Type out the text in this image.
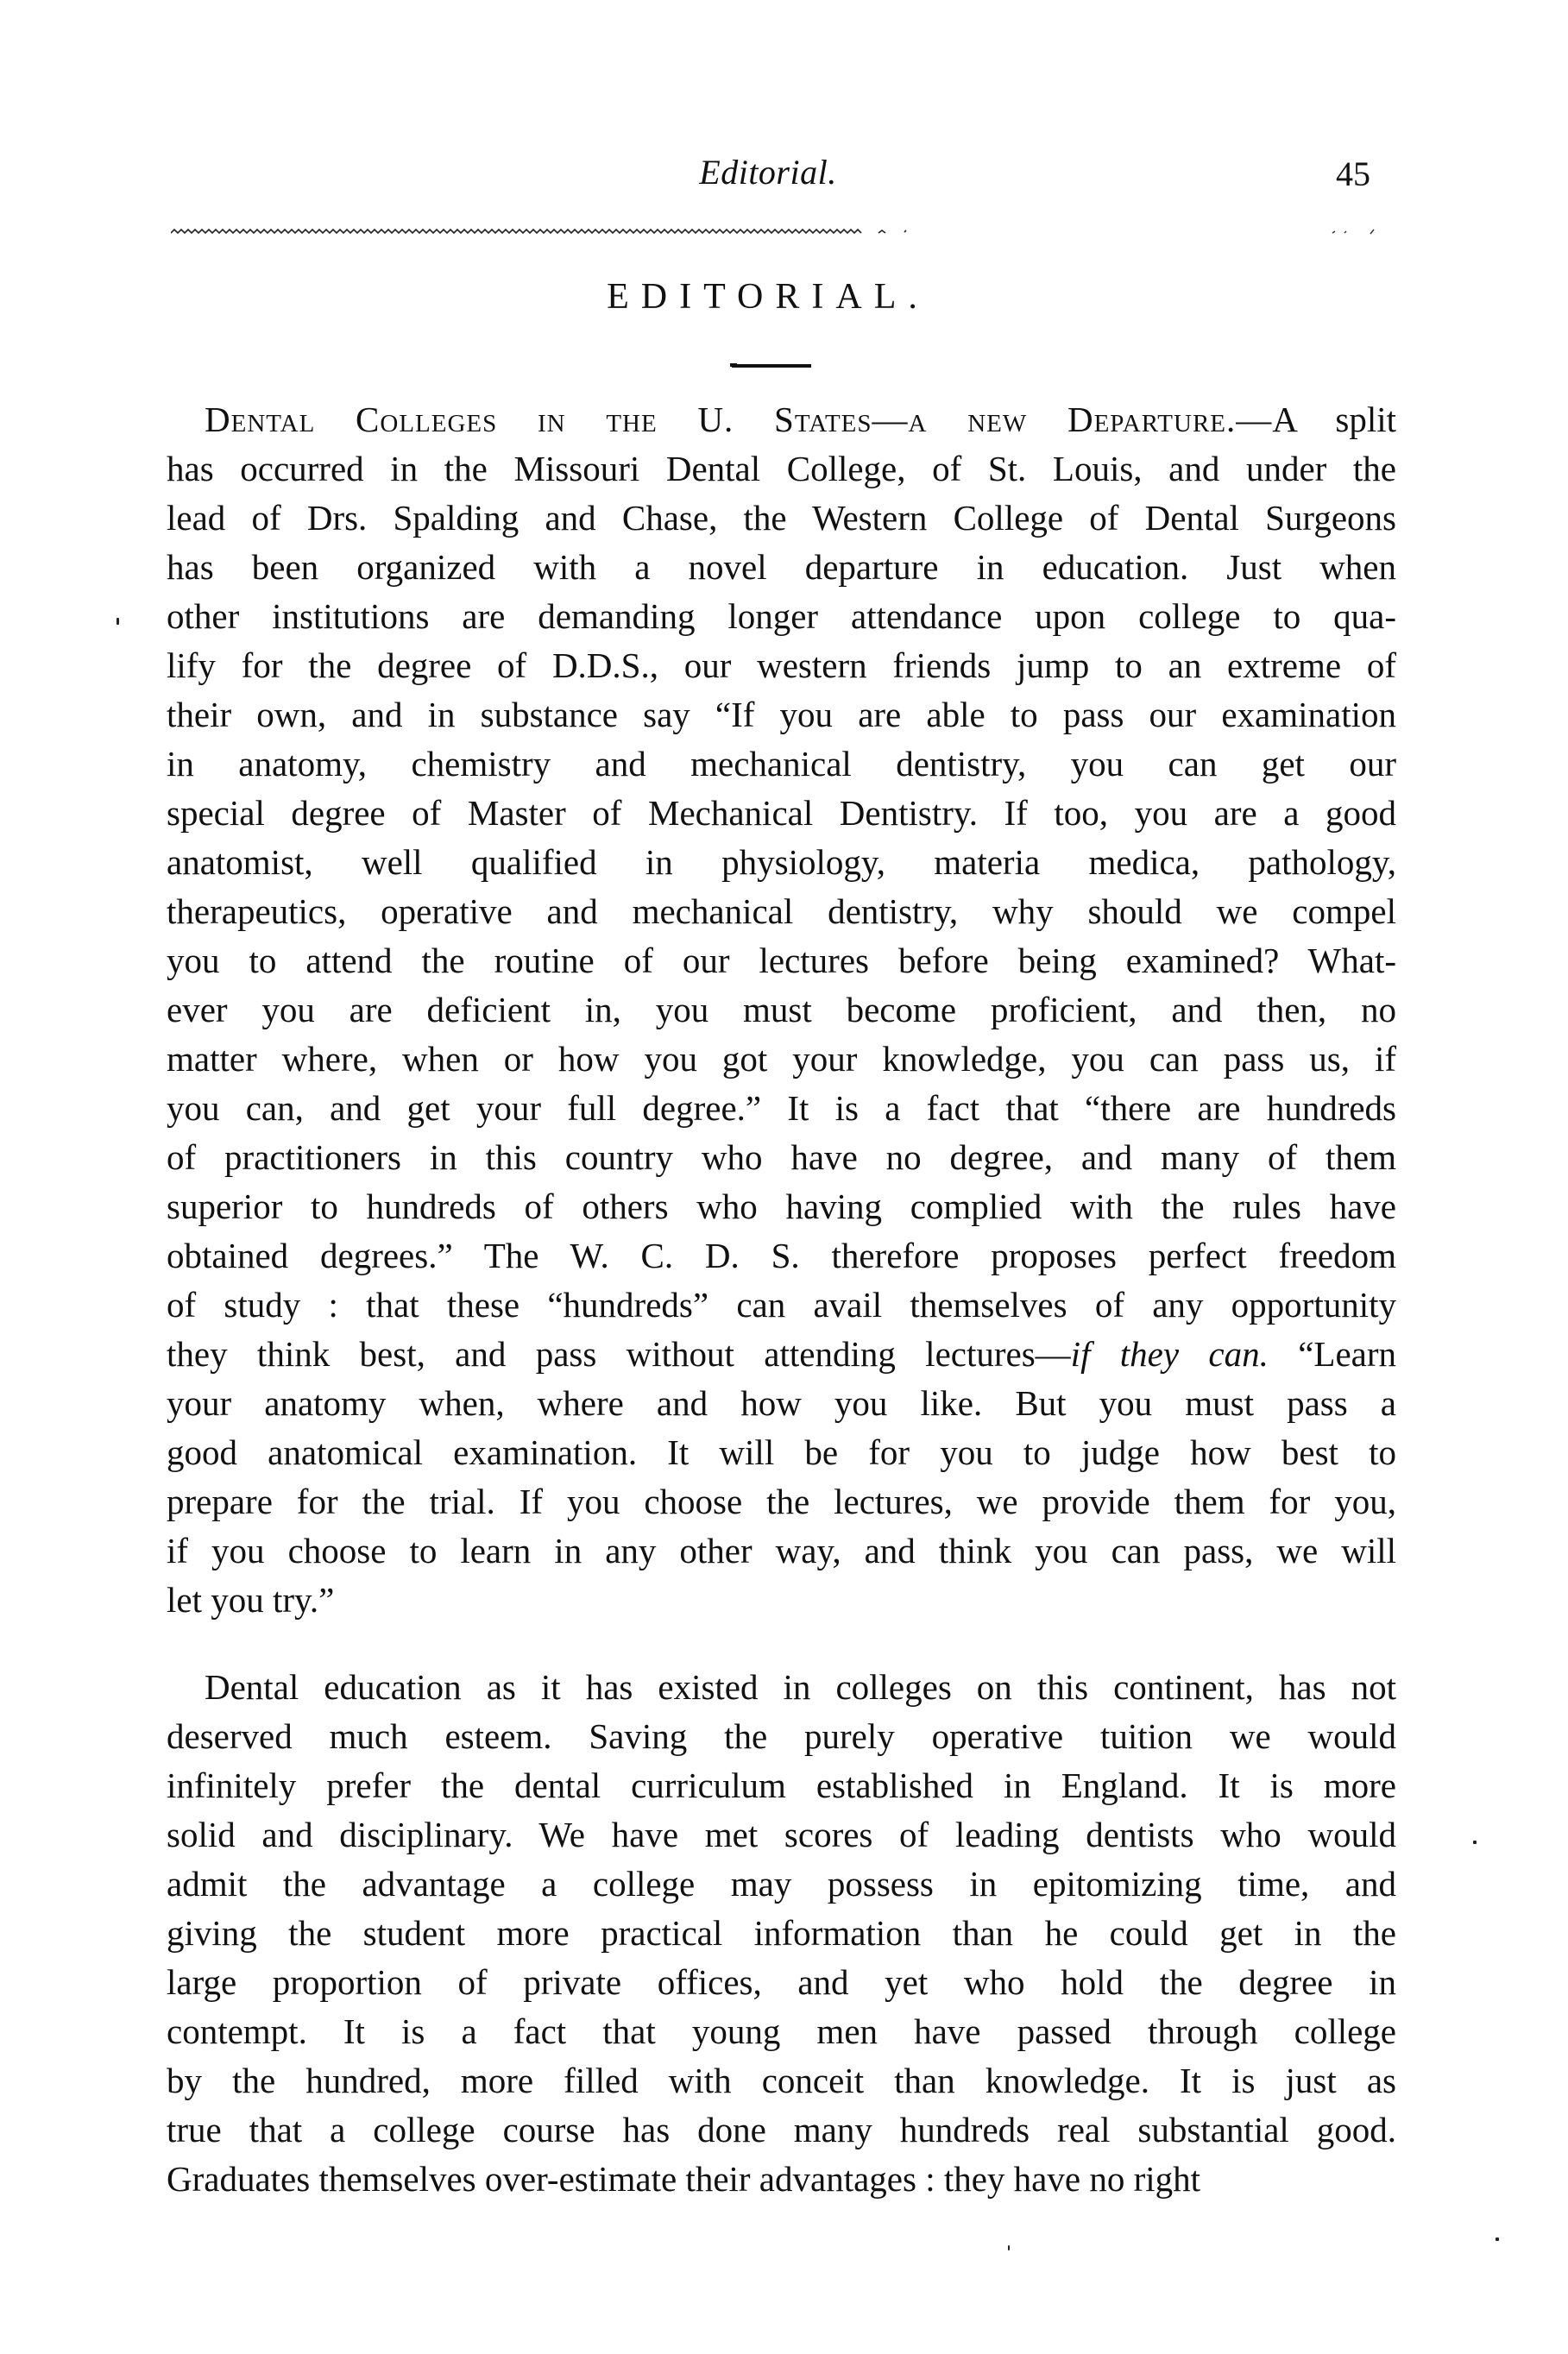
Editorial.	45
EDITORIAL.
Dental Colleges in the U. States—a new Departure.—A split
has occurred in the Missouri Dental College, of St. Louis, and under the
lead of Drs. Spalding and Chase, the Western College of Dental Surgeons
has been organized with a novel departure in education. Just when
other institutions are demanding longer attendance upon college to qua-
lify for the degree of D.D.S., our western friends jump to an extreme of
their own, and in substance say “If you are able to pass our examination
in anatomy, chemistry and mechanical dentistry, you can get our
special degree of Master of Mechanical Dentistry. If too, you are a good
anatomist, well qualified in physiology, materia medica, pathology,
therapeutics, operative and mechanical dentistry, why should we compel
you to attend the routine of our lectures before being examined? What-
ever you are deficient in, you must become proficient, and then, no
matter where, when or how you got your knowledge, you can pass us, if
you can, and get your full degree.” It is a fact that “there are hundreds
of practitioners in this country who have no degree, and many of them
superior to hundreds of others who having complied with the rules have
obtained degrees.” The W. C. D. S. therefore proposes perfect freedom
of study : that these “hundreds” can avail themselves of any opportunity
they think best, and pass without attending lectures—if they can. “Learn
your anatomy when, where and how you like. But you must pass a
good anatomical examination. It will be for you to judge how best to
prepare for the trial. If you choose the lectures, we provide them for you,
if you choose to learn in any other way, and think you can pass, we will
let you try.”
Dental education as it has existed in colleges on this continent, has not
deserved much esteem. Saving the purely operative tuition we would
infinitely prefer the dental curriculum established in England. It is more
solid and disciplinary. We have met scores of leading dentists who would
admit the advantage a college may possess in epitomizing time, and
giving the student more practical information than he could get in the
large proportion of private offices, and yet who hold the degree in
contempt. It is a fact that young men have passed through college
by the hundred, more filled with conceit than knowledge. It is just as
true that a college course has done many hundreds real substantial good.
Graduates themselves over-estimate their advantages : they have no right
